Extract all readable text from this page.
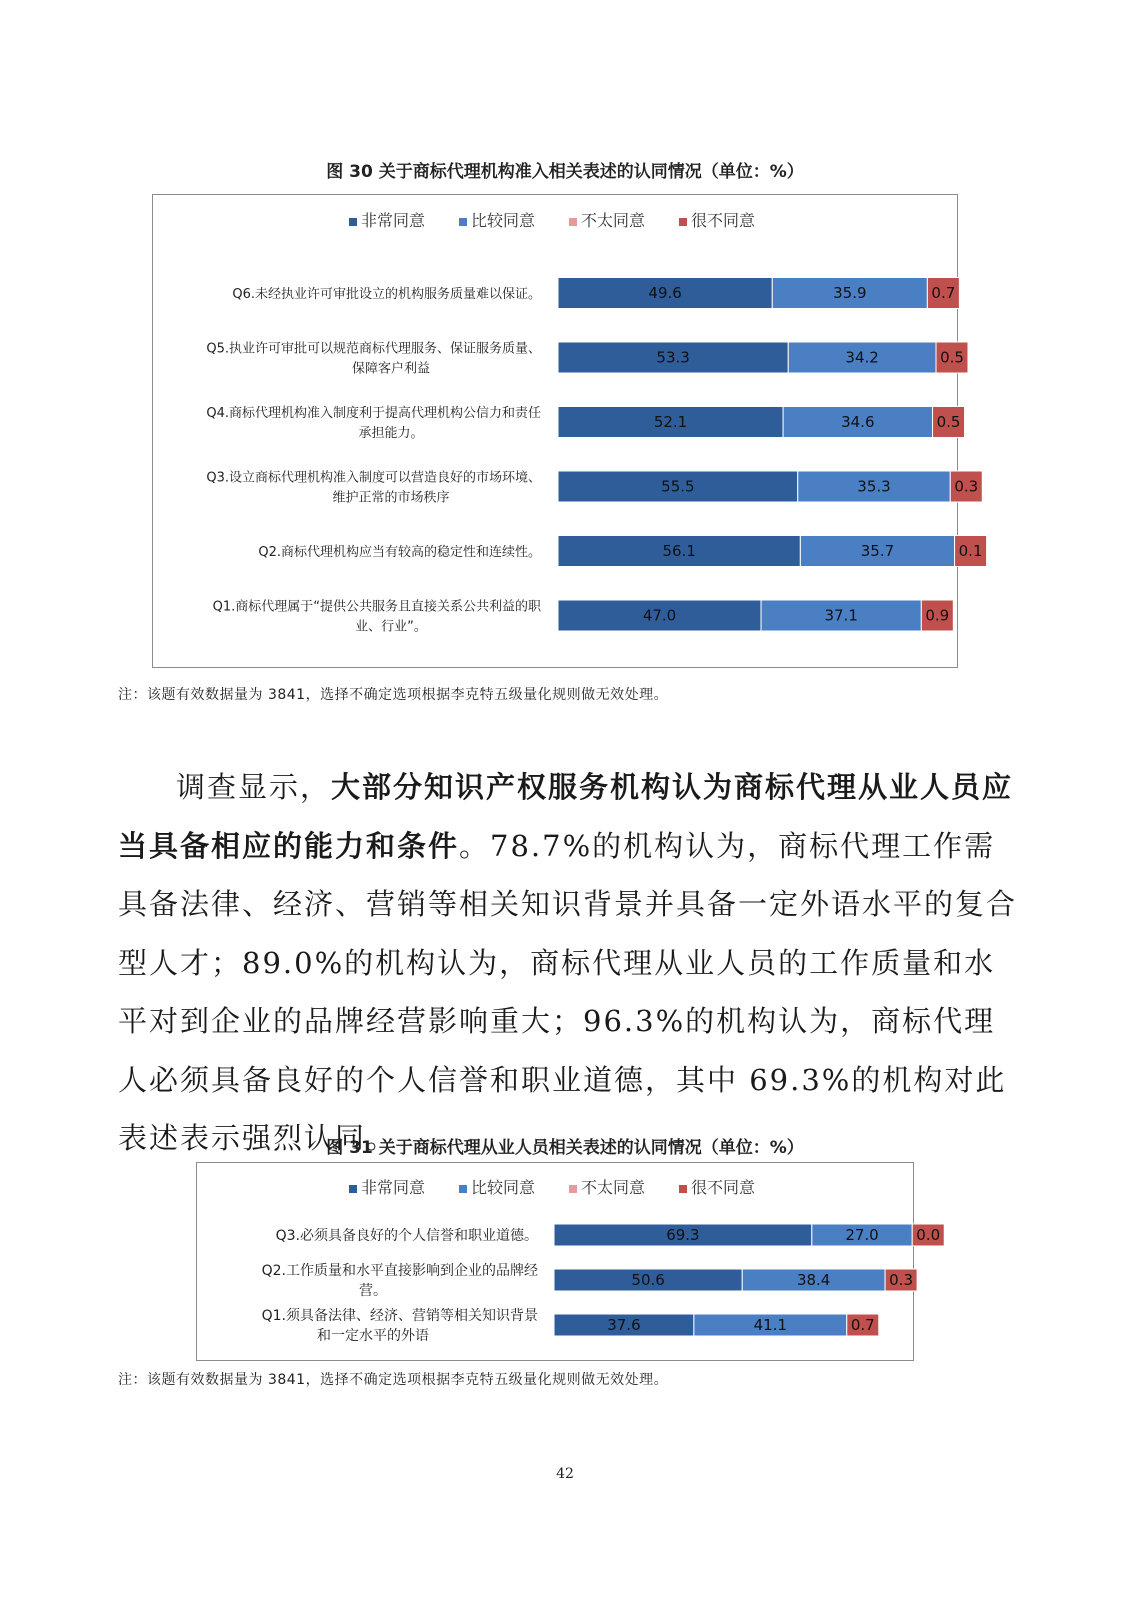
图 30 关于商标代理机构准入相关表述的认同情况（单位：%）
非常同意	比较同意	不太同意	很不同意
Q6.未经执业许可审批设立的机构服务质量难以保证。	49.6	35.9	0.7
Q5.执业许可审批可以规范商标代理服务、保证服务质量、
保障客户利益
53.3	34.2	0.5
Q4.商标代理机构准入制度利于提高代理机构公信力和责任
承担能力。
52.1	34.6	0.5
Q3.设立商标代理机构准入制度可以营造良好的市场环境、
维护正常的市场秩序
55.5	35.3	0.3
Q2.商标代理机构应当有较高的稳定性和连续性。	56.1	35.7	0.1
Q1.商标代理属于“提供公共服务且直接关系公共利益的职
业、行业”。
47.0	37.1	0.9
注：该题有效数据量为 3841，选择不确定选项根据李克特五级量化规则做无效处理。

调查显示，大部分知识产权服务机构认为商标代理从业人员应当具备相应的能力和条件。78.7%的机构认为，商标代理工作需具备法律、经济、营销等相关知识背景并具备一定外语水平的复合型人才；89.0%的机构认为，商标代理从业人员的工作质量和水平对到企业的品牌经营影响重大；96.3%的机构认为，商标代理人必须具备良好的个人信誉和职业道德，其中 69.3%的机构对此表述表示强烈认同。

图 31 关于商标代理从业人员相关表述的认同情况（单位：%）
非常同意	比较同意	不太同意	很不同意
Q3.必须具备良好的个人信誉和职业道德。	69.3	27.0	0.0
Q2.工作质量和水平直接影响到企业的品牌经
营。
50.6	38.4	0.3
Q1.须具备法律、经济、营销等相关知识背景
和一定水平的外语
37.6	41.1	0.7
注：该题有效数据量为 3841，选择不确定选项根据李克特五级量化规则做无效处理。
42
